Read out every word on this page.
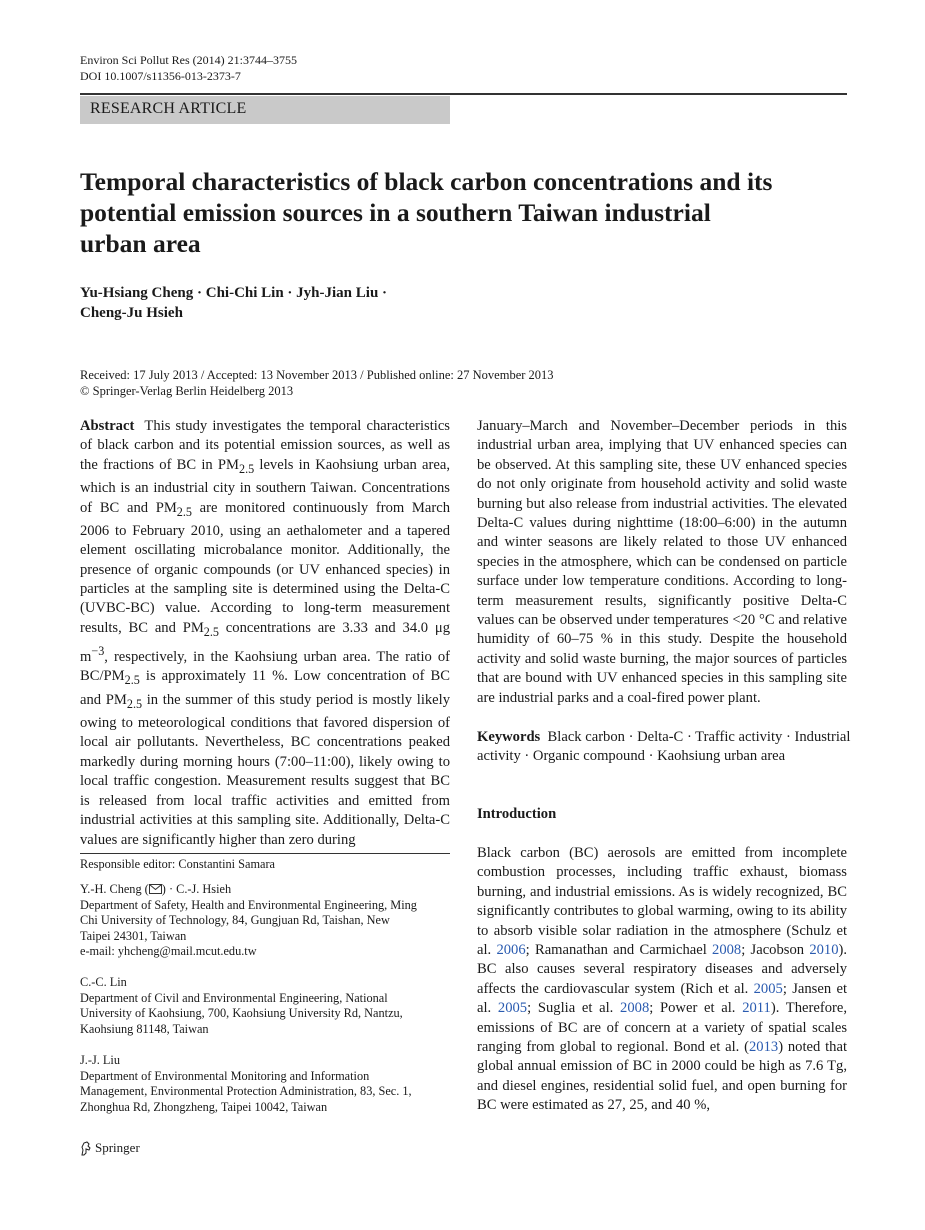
Environ Sci Pollut Res (2014) 21:3744–3755
DOI 10.1007/s11356-013-2373-7
RESEARCH ARTICLE
Temporal characteristics of black carbon concentrations and its potential emission sources in a southern Taiwan industrial urban area
Yu-Hsiang Cheng · Chi-Chi Lin · Jyh-Jian Liu ·
Cheng-Ju Hsieh
Received: 17 July 2013 / Accepted: 13 November 2013 / Published online: 27 November 2013
© Springer-Verlag Berlin Heidelberg 2013

Abstract This study investigates the temporal characteristics of black carbon and its potential emission sources, as well as the fractions of BC in $PM_{2.5}$ levels in Kaohsiung urban area, which is an industrial city in southern Taiwan. Concentrations of BC and $PM_{2.5}$ are monitored continuously from March 2006 to February 2010, using an aethalometer and a tapered element oscillating microbalance monitor. Additionally, the presence of organic compounds (or UV enhanced species) in particles at the sampling site is determined using the Delta-C (UVBC-BC) value. According to long-term measurement results, BC and $PM_{2.5}$ concentrations are 3.33 and 34.0 μg $m^{-3}$, respectively, in the Kaohsiung urban area. The ratio of $BC/PM_{2.5}$ is approximately 11 %. Low concentration of BC and $PM_{2.5}$ in the summer of this study period is mostly likely owing to meteorological conditions that favored dispersion of local air pollutants. Nevertheless, BC concentrations peaked markedly during morning hours (7:00–11:00), likely owing to local traffic congestion. Measurement results suggest that BC is released from local traffic activities and emitted from industrial activities at this sampling site. Additionally, Delta-C values are significantly higher than zero during

January–March and November–December periods in this industrial urban area, implying that UV enhanced species can be observed. At this sampling site, these UV enhanced species do not only originate from household activity and solid waste burning but also release from industrial activities. The elevated Delta-C values during nighttime (18:00–6:00) in the autumn and winter seasons are likely related to those UV enhanced species in the atmosphere, which can be condensed on particle surface under low temperature conditions. According to long-term measurement results, significantly positive Delta-C values can be observed under temperatures <20 °C and relative humidity of 60–75 % in this study. Despite the household activity and solid waste burning, the major sources of particles that are bound with UV enhanced species in this sampling site are industrial parks and a coal-fired power plant.

Keywords Black carbon · Delta-C · Traffic activity · Industrial activity · Organic compound · Kaohsiung urban area
Introduction

Black carbon (BC) aerosols are emitted from incomplete combustion processes, including traffic exhaust, biomass burning, and industrial emissions. As is widely recognized, BC significantly contributes to global warming, owing to its ability to absorb visible solar radiation in the atmosphere (Schulz et al. 2006; Ramanathan and Carmichael 2008; Jacobson 2010). BC also causes several respiratory diseases and adversely affects the cardiovascular system (Rich et al. 2005; Jansen et al. 2005; Suglia et al. 2008; Power et al. 2011). Therefore, emissions of BC are of concern at a variety of spatial scales ranging from global to regional. Bond et al. (2013) noted that global annual emission of BC in 2000 could be high as 7.6 Tg, and diesel engines, residential solid fuel, and open burning for BC were estimated as 27, 25, and 40 %,

Responsible editor: Constantini Samara
Y.-H. Cheng ( ) · C.-J. Hsieh
Department of Safety, Health and Environmental Engineering, Ming
Chi University of Technology, 84, Gungjuan Rd, Taishan, New
Taipei 24301, Taiwan
e-mail: yhcheng@mail.mcut.edu.tw
C.-C. Lin
Department of Civil and Environmental Engineering, National
University of Kaohsiung, 700, Kaohsiung University Rd, Nantzu,
Kaohsiung 81148, Taiwan
J.-J. Liu
Department of Environmental Monitoring and Information
Management, Environmental Protection Administration, 83, Sec. 1,
Zhonghua Rd, Zhongzheng, Taipei 10042, Taiwan
Springer
